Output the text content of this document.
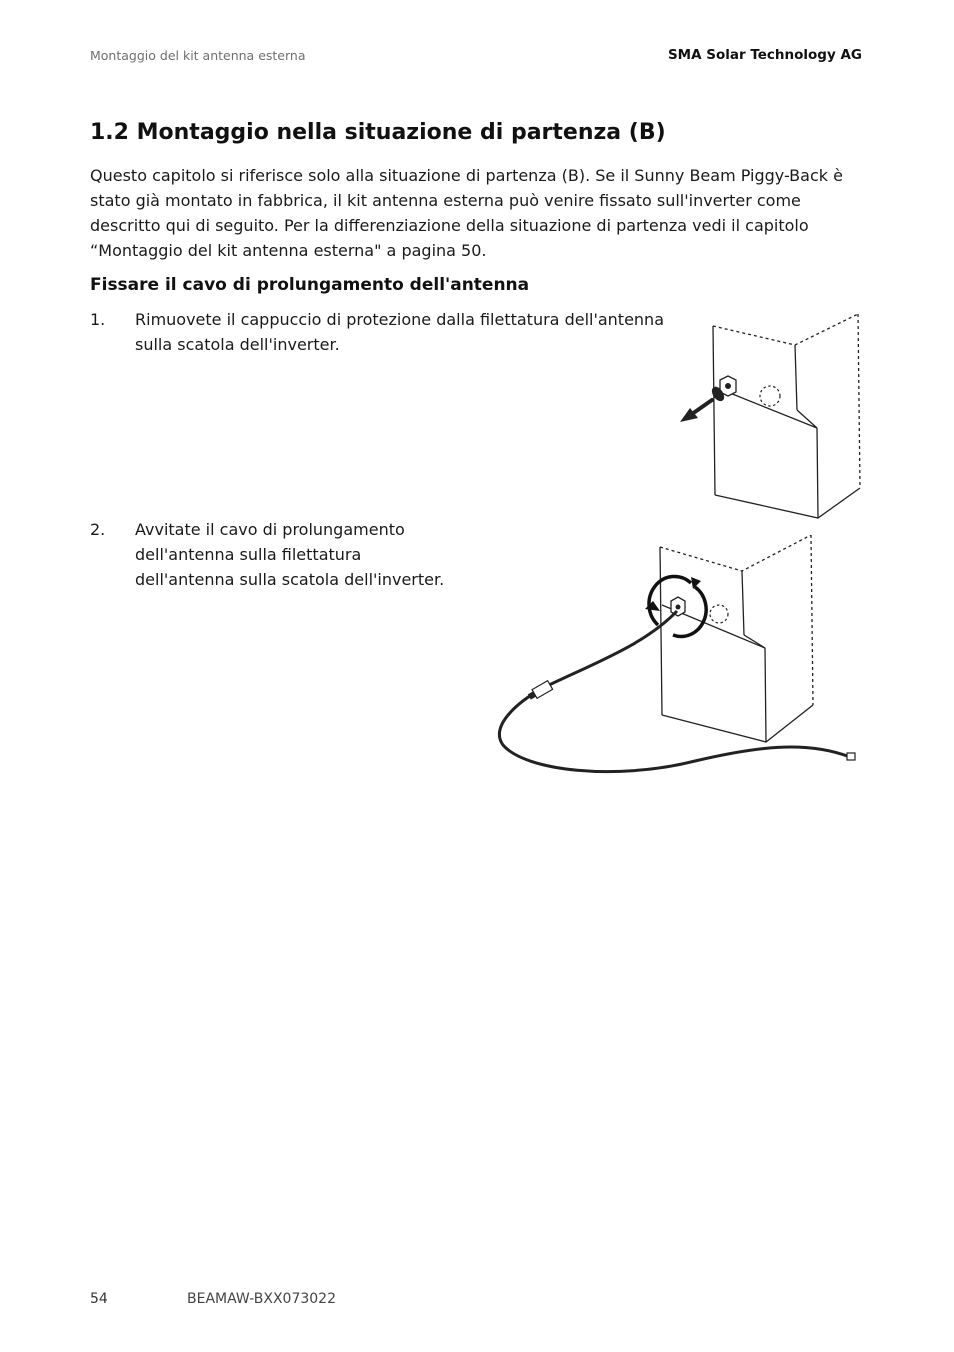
Montaggio del kit antenna esterna	SMA Solar Technology AG
1.2 Montaggio nella situazione di partenza (B)

Questo capitolo si riferisce solo alla situazione di partenza (B). Se il Sunny Beam Piggy-Back è stato già montato in fabbrica, il kit antenna esterna può venire fissato sull'inverter come descritto qui di seguito. Per la differenziazione della situazione di partenza vedi il capitolo “Montaggio del kit antenna esterna" a pagina 50.

Fissare il cavo di prolungamento dell'antenna
1. Rimuovete il cappuccio di protezione dalla filettatura dell'antenna sulla scatola dell'inverter.
2. Avvitate il cavo di prolungamento dell'antenna sulla filettatura dell'antenna sulla scatola dell'inverter.
54	BEAMAW-BXX073022
